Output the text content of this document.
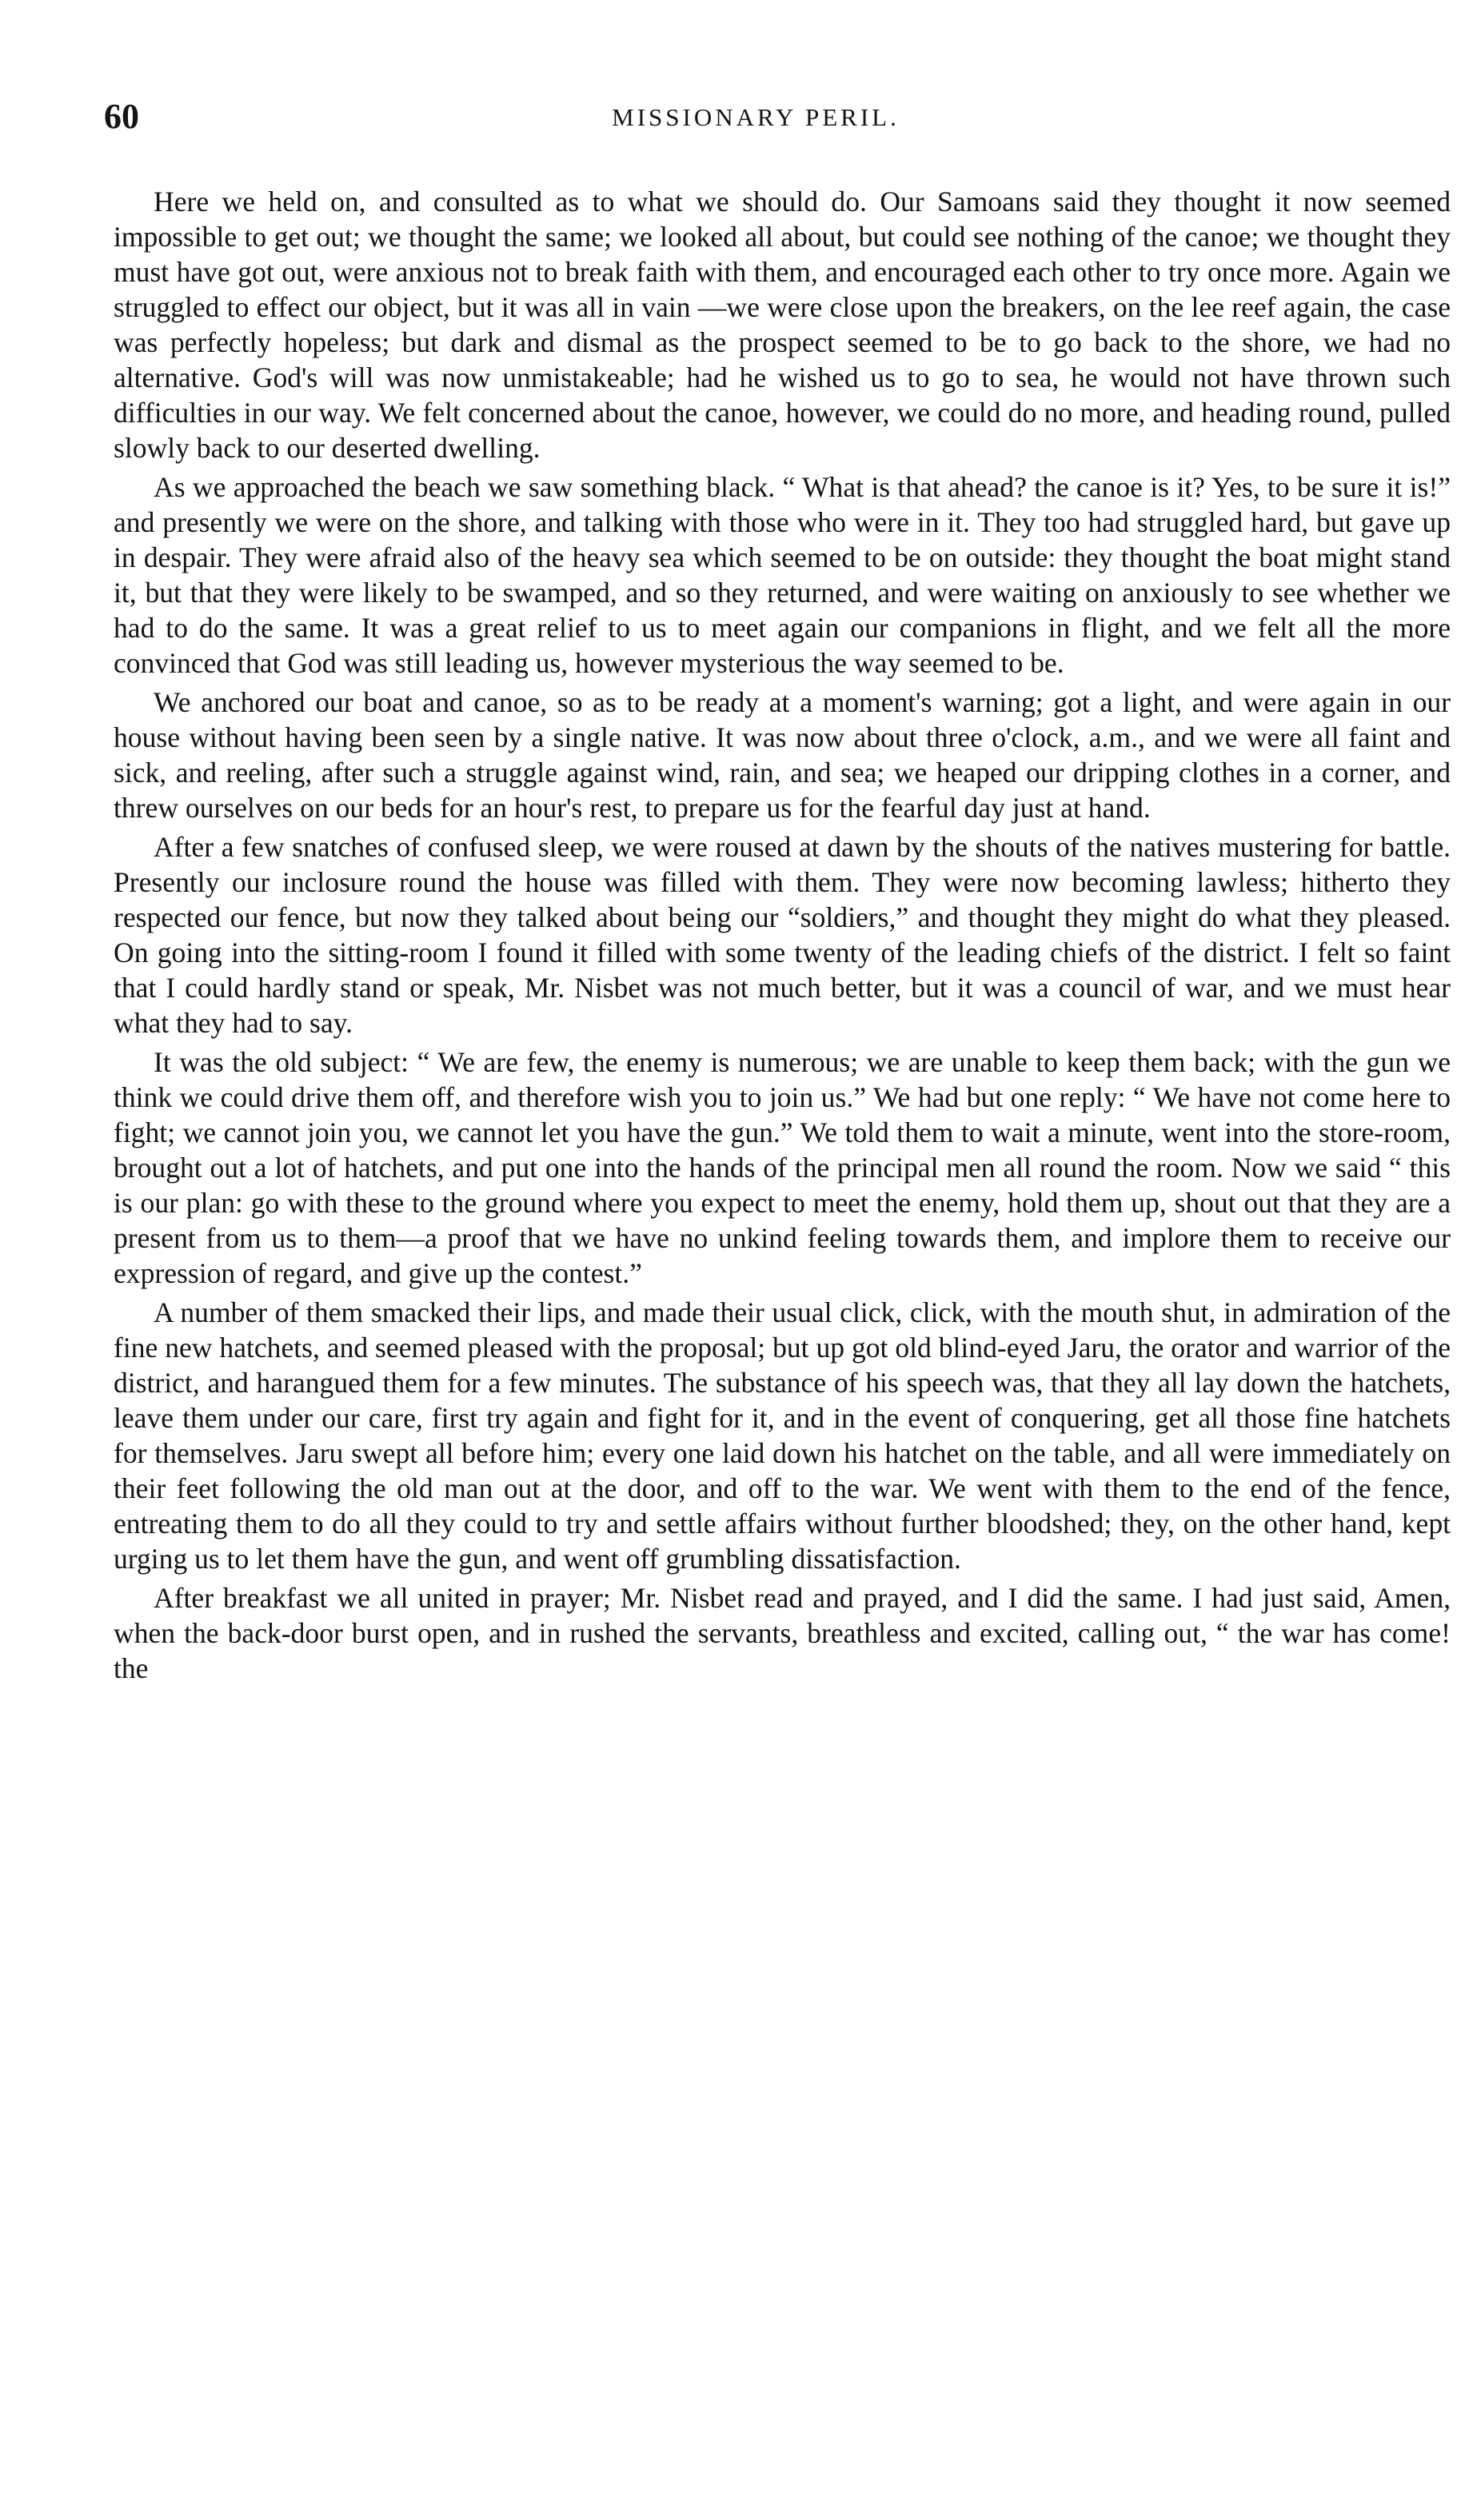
60	MISSIONARY PERIL.

Here we held on, and consulted as to what we should do. Our Samoans said they thought it now seemed impossible to get out; we thought the same; we looked all about, but could see nothing of the canoe; we thought they must have got out, were anxious not to break faith with them, and encouraged each other to try once more. Again we struggled to effect our object, but it was all in vain —we were close upon the breakers, on the lee reef again, the case was perfectly hopeless; but dark and dismal as the prospect seemed to be to go back to the shore, we had no alternative. God's will was now unmistakeable; had he wished us to go to sea, he would not have thrown such difficulties in our way. We felt concerned about the canoe, however, we could do no more, and heading round, pulled slowly back to our deserted dwelling.

As we approached the beach we saw something black. “ What is that ahead? the canoe is it? Yes, to be sure it is!” and presently we were on the shore, and talking with those who were in it. They too had struggled hard, but gave up in despair. They were afraid also of the heavy sea which seemed to be on outside: they thought the boat might stand it, but that they were likely to be swamped, and so they returned, and were waiting on anxiously to see whether we had to do the same. It was a great relief to us to meet again our companions in flight, and we felt all the more convinced that God was still leading us, however mysterious the way seemed to be.

We anchored our boat and canoe, so as to be ready at a moment's warning; got a light, and were again in our house without having been seen by a single native. It was now about three o'clock, a.m., and we were all faint and sick, and reeling, after such a struggle against wind, rain, and sea; we heaped our dripping clothes in a corner, and threw ourselves on our beds for an hour's rest, to prepare us for the fearful day just at hand.

After a few snatches of confused sleep, we were roused at dawn by the shouts of the natives mustering for battle. Presently our inclosure round the house was filled with them. They were now becoming lawless; hitherto they respected our fence, but now they talked about being our “soldiers,” and thought they might do what they pleased. On going into the sitting-room I found it filled with some twenty of the leading chiefs of the district. I felt so faint that I could hardly stand or speak, Mr. Nisbet was not much better, but it was a council of war, and we must hear what they had to say.

It was the old subject: “ We are few, the enemy is numerous; we are unable to keep them back; with the gun we think we could drive them off, and therefore wish you to join us.” We had but one reply: “ We have not come here to fight; we cannot join you, we cannot let you have the gun.” We told them to wait a minute, went into the store-room, brought out a lot of hatchets, and put one into the hands of the principal men all round the room. Now we said “ this is our plan: go with these to the ground where you expect to meet the enemy, hold them up, shout out that they are a present from us to them—a proof that we have no unkind feeling towards them, and implore them to receive our expression of regard, and give up the contest.”

A number of them smacked their lips, and made their usual click, click, with the mouth shut, in admiration of the fine new hatchets, and seemed pleased with the proposal; but up got old blind-eyed Jaru, the orator and warrior of the district, and harangued them for a few minutes. The substance of his speech was, that they all lay down the hatchets, leave them under our care, first try again and fight for it, and in the event of conquering, get all those fine hatchets for themselves. Jaru swept all before him; every one laid down his hatchet on the table, and all were immediately on their feet following the old man out at the door, and off to the war. We went with them to the end of the fence, entreating them to do all they could to try and settle affairs without further bloodshed; they, on the other hand, kept urging us to let them have the gun, and went off grumbling dissatisfaction.

After breakfast we all united in prayer; Mr. Nisbet read and prayed, and I did the same. I had just said, Amen, when the back-door burst open, and in rushed the servants, breathless and excited, calling out, “ the war has come! the
